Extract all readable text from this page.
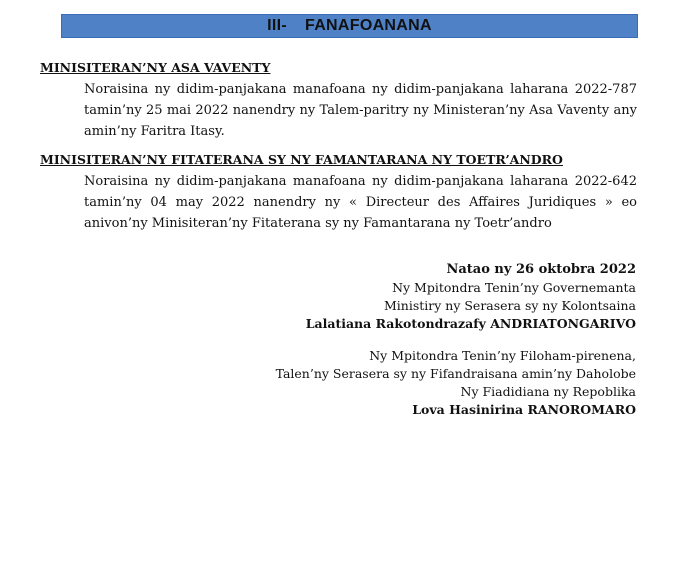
III- FANAFOANANA

MINISITERAN’NY ASA VAVENTY

Noraisina ny didim-panjakana manafoana ny didim-panjakana laharana 2022-787 tamin’ny 25 mai 2022 nanendry ny Talem-paritry ny Ministeran’ny Asa Vaventy any amin’ny Faritra Itasy.

MINISITERAN’NY FITATERANA SY NY FAMANTARANA NY TOETR’ANDRO

Noraisina ny didim-panjakana manafoana ny didim-panjakana laharana 2022-642 tamin’ny 04 may 2022 nanendry ny « Directeur des Affaires Juridiques » eo anivon’ny Minisiteran’ny Fitaterana sy ny Famantarana ny Toetr’andro

Natao ny 26 oktobra 2022
Ny Mpitondra Tenin’ny Governemanta
Ministiry ny Serasera sy ny Kolontsaina
Lalatiana Rakotondrazafy ANDRIATONGARIVO
Ny Mpitondra Tenin’ny Filoham-pirenena,
Talen’ny Serasera sy ny Fifandraisana amin’ny Daholobe
Ny Fiadidiana ny Repoblika
Lova Hasinirina RANOROMARO
